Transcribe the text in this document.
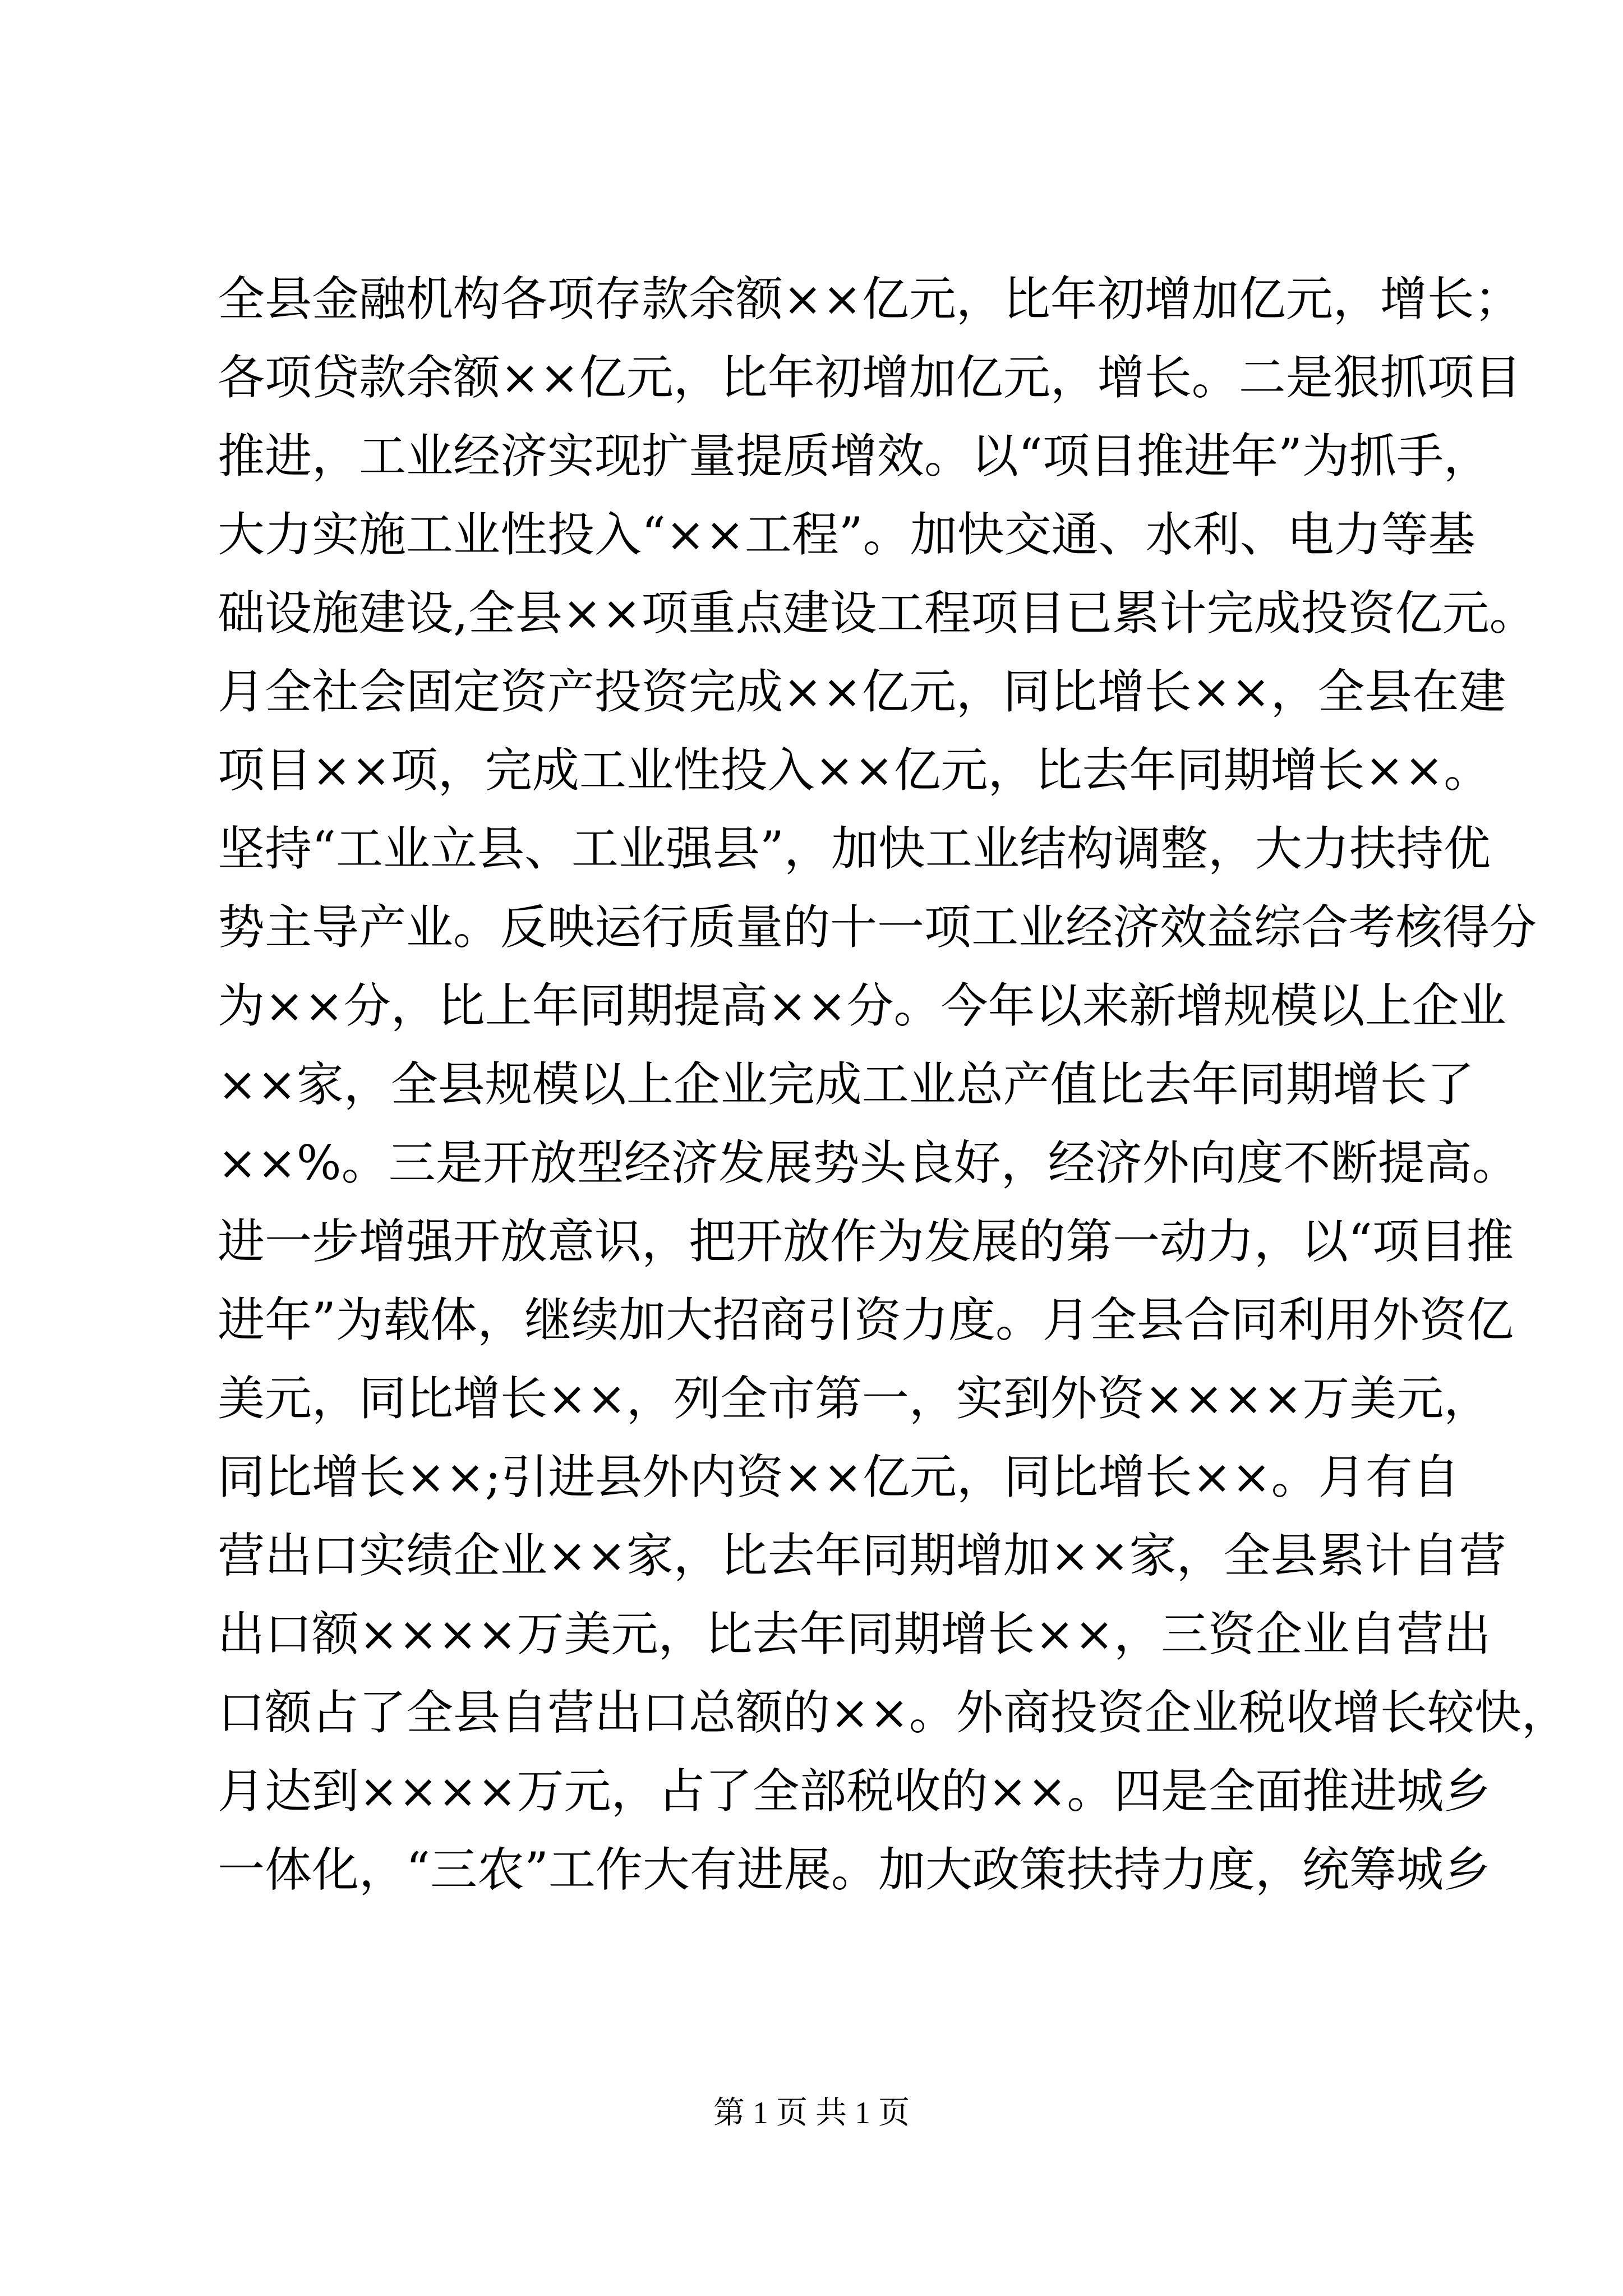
全县金融机构各项存款余额××亿元，比年初增加亿元，增长；
各项贷款余额××亿元，比年初增加亿元，增长。二是狠抓项目
推进，工业经济实现扩量提质增效。以“项目推进年”为抓手，
大力实施工业性投入“××工程”。加快交通、水利、电力等基
础设施建设,全县××项重点建设工程项目已累计完成投资亿元。
月全社会固定资产投资完成××亿元，同比增长××，全县在建
项目××项，完成工业性投入××亿元，比去年同期增长××。
坚持“工业立县、工业强县”，加快工业结构调整，大力扶持优
势主导产业。反映运行质量的十一项工业经济效益综合考核得分
为××分，比上年同期提高××分。今年以来新增规模以上企业
××家，全县规模以上企业完成工业总产值比去年同期增长了
××%。三是开放型经济发展势头良好，经济外向度不断提高。
进一步增强开放意识，把开放作为发展的第一动力，以“项目推
进年”为载体，继续加大招商引资力度。月全县合同利用外资亿
美元，同比增长××，列全市第一，实到外资××××万美元，
同比增长××;引进县外内资××亿元，同比增长××。月有自
营出口实绩企业××家，比去年同期增加××家，全县累计自营
出口额××××万美元，比去年同期增长××，三资企业自营出
口额占了全县自营出口总额的××。外商投资企业税收增长较快，
月达到××××万元，占了全部税收的××。四是全面推进城乡
一体化，“三农”工作大有进展。加大政策扶持力度，统筹城乡
第 1 页 共 1 页
